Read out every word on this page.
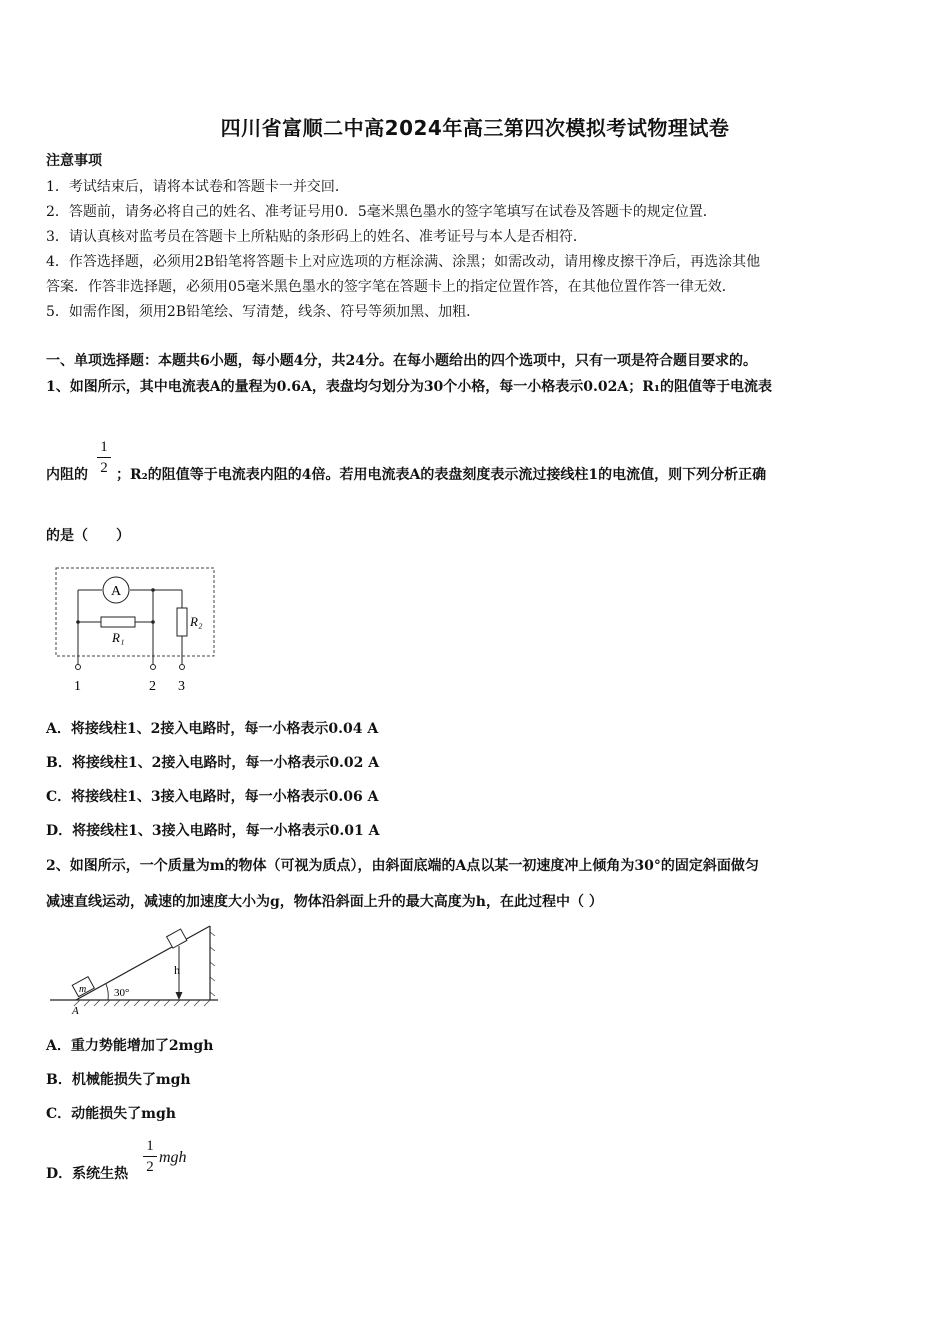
四川省富顺二中高2024年高三第四次模拟考试物理试卷
注意事项
1．考试结束后，请将本试卷和答题卡一并交回．
2．答题前，请务必将自己的姓名、准考证号用0．5毫米黑色墨水的签字笔填写在试卷及答题卡的规定位置．
3．请认真核对监考员在答题卡上所粘贴的条形码上的姓名、准考证号与本人是否相符．
4．作答选择题，必须用2B铅笔将答题卡上对应选项的方框涂满、涂黑；如需改动，请用橡皮擦干净后，再选涂其他
答案．作答非选择题，必须用05毫米黑色墨水的签字笔在答题卡上的指定位置作答，在其他位置作答一律无效．
5．如需作图，须用2B铅笔绘、写清楚，线条、符号等须加黑、加粗．
一、单项选择题：本题共6小题，每小题4分，共24分。在每小题给出的四个选项中，只有一项是符合题目要求的。
1、如图所示，其中电流表A的量程为0.6A，表盘均匀划分为30个小格，每一小格表示0.02A；R₁的阻值等于电流表
内阻的
1
2 ；R₂的阻值等于电流表内阻的4倍。若用电流表A的表盘刻度表示流过接线柱1的电流值，则下列分析正确
的是（　　）
A
R₁
R₂
1	2 3
A．将接线柱1、2接入电路时，每一小格表示0.04 A
B．将接线柱1、2接入电路时，每一小格表示0.02 A
C．将接线柱1、3接入电路时，每一小格表示0.06 A
D．将接线柱1、3接入电路时，每一小格表示0.01 A
2、如图所示，一个质量为m的物体（可视为质点），由斜面底端的A点以某一初速度冲上倾角为30°的固定斜面做匀
减速直线运动，减速的加速度大小为g，物体沿斜面上升的最大高度为h，在此过程中（ ）
30°
m
h
A
A．重力势能增加了2mgh
B．机械能损失了mgh
C．动能损失了mgh
D．系统生热
1
2
mgh
